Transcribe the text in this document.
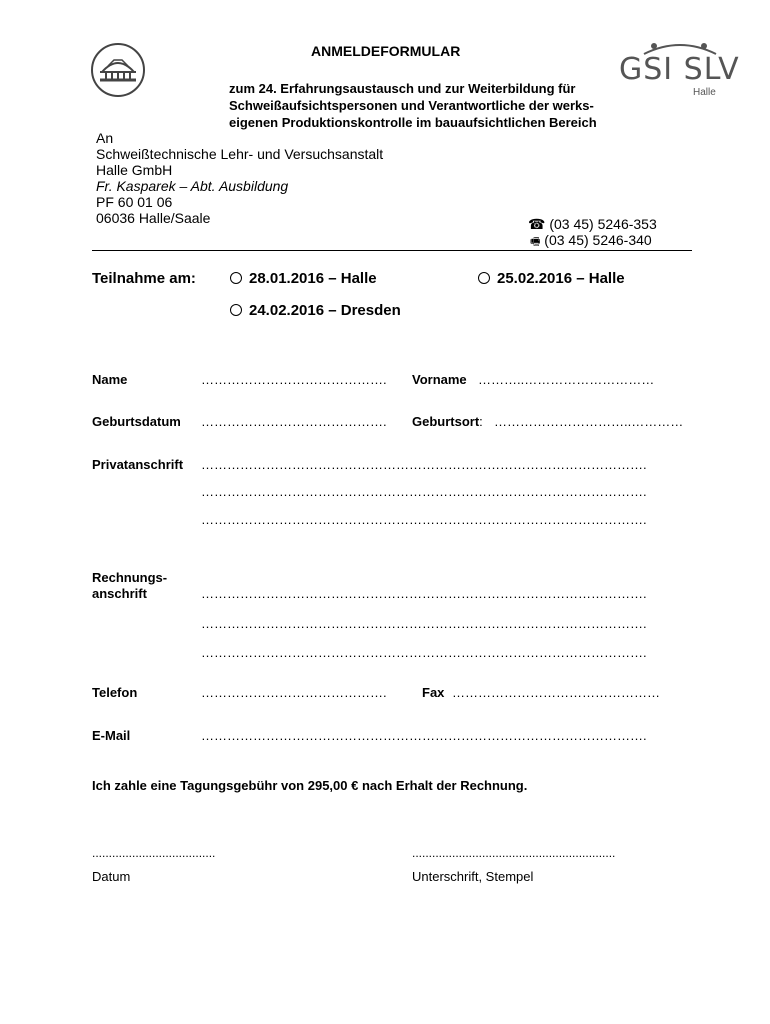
ANMELDEFORMULAR
zum 24. Erfahrungsaustausch und zur Weiterbildung für
Schweißaufsichtspersonen und Verantwortliche der werks-
eigenen Produktionskontrolle im bauaufsichtlichen Bereich
GSI SLV
Halle
An
Schweißtechnische Lehr- und Versuchsanstalt
Halle GmbH
Fr. Kasparek – Abt. Ausbildung
PF 60 01 06
06036 Halle/Saale	☎ (03 45) 5246-353
🖷 (03 45) 5246-340
Teilnahme am:	28.01.2016 – Halle	25.02.2016 – Halle
24.02.2016 – Dresden
Name	…………………………………….	Vorname ………..…………………………
Geburtsdatum …………………………………….	Geburtsort: …………………………..…………
Privatanschrift ………………………………………………………………………………………….
………………………………………………………………………………………….
………………………………………………………………………………………….
Rechnungs-
anschrift	………………………………………………………………………………………….
………………………………………………………………………………………….
………………………………………………………………………………………….
Telefon	…………………………………….	Fax …………………………………………
E-Mail	………………………………………………………………………………………….
Ich zahle eine Tagungsgebühr von 295,00 € nach Erhalt der Rechnung.
.....................................
Datum
.............................................................
Unterschrift, Stempel
